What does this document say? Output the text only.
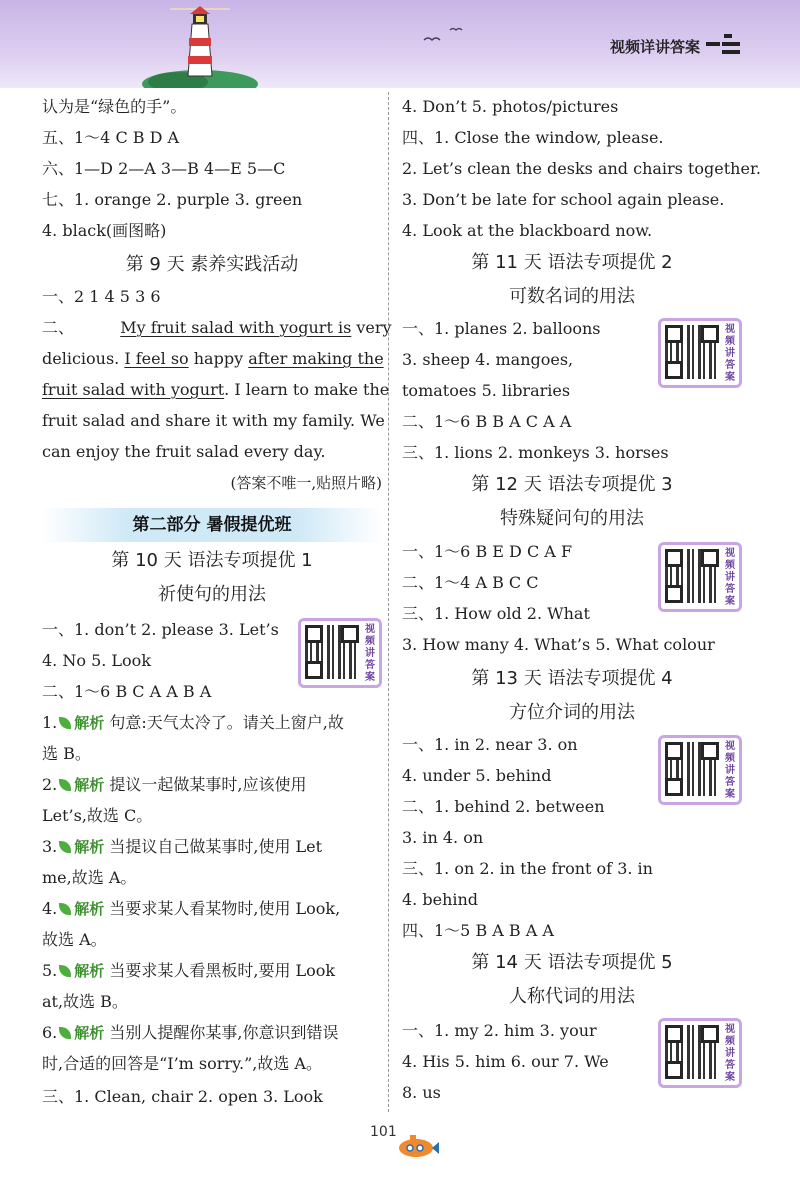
视频详讲答案
认为是“绿色的手”。
五、1～4 C B D A
六、1—D 2—A 3—B 4—E 5—C
七、1. orange 2. purple 3. green
4. black(画图略)
第 9 天 素养实践活动
一、2 1 4 5 3 6
二、	My fruit salad with yogurt is very
delicious. I feel so happy after making the
fruit salad with yogurt. I learn to make the
fruit salad and share it with my family. We
can enjoy the fruit salad every day.
(答案不唯一,贴照片略)
第二部分 暑假提优班
第 10 天 语法专项提优 1
祈使句的用法
一、1. don’t 2. please 3. Let’s	视频讲答案
4. No 5. Look
二、1～6 B C A A B A
1. 解析 句意:天气太冷了。请关上窗户,故
选 B。
2. 解析 提议一起做某事时,应该使用
Let’s,故选 C。
3. 解析 当提议自己做某事时,使用 Let
me,故选 A。
4. 解析 当要求某人看某物时,使用 Look,
故选 A。
5. 解析 当要求某人看黑板时,要用 Look
at,故选 B。
6. 解析 当别人提醒你某事,你意识到错误
时,合适的回答是“I’m sorry.”,故选 A。
三、1. Clean, chair 2. open 3. Look
4. Don’t 5. photos/pictures
四、1. Close the window, please.
2. Let’s clean the desks and chairs together.
3. Don’t be late for school again please.
4. Look at the blackboard now.
第 11 天 语法专项提优 2
可数名词的用法
一、1. planes 2. balloons	视频讲答案
3. sheep 4. mangoes,
tomatoes 5. libraries
二、1～6 B B A C A A
三、1. lions 2. monkeys 3. horses
第 12 天 语法专项提优 3
特殊疑问句的用法
一、1～6 B E D C A F	视频讲答案
二、1～4 A B C C
三、1. How old 2. What
3. How many 4. What’s 5. What colour
第 13 天 语法专项提优 4
方位介词的用法
一、1. in 2. near 3. on	视频讲答案
4. under 5. behind
二、1. behind 2. between
3. in 4. on
三、1. on 2. in the front of 3. in
4. behind
四、1～5 B A B A A
第 14 天 语法专项提优 5
人称代词的用法
一、1. my 2. him 3. your	视频讲答案
4. His 5. him 6. our 7. We
8. us
101
